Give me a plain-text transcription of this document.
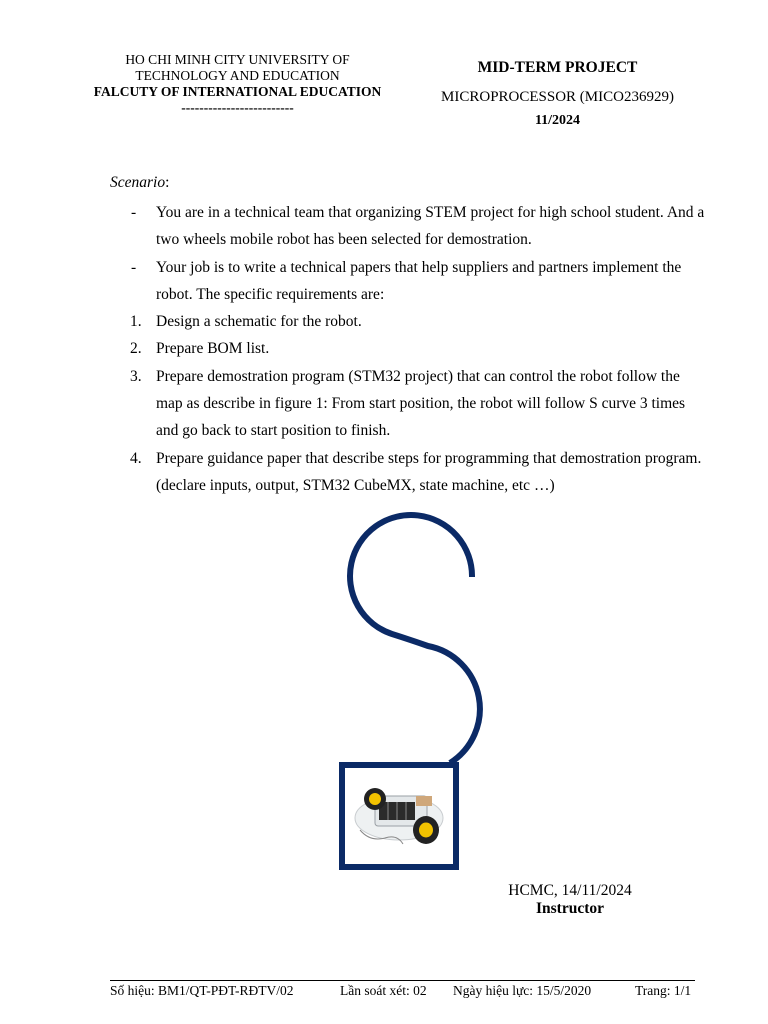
HO CHI MINH CITY UNIVERSITY OF
TECHNOLOGY AND EDUCATION
FALCUTY OF INTERNATIONAL EDUCATION
-------------------------
MID-TERM PROJECT
MICROPROCESSOR (MICO236929)
11/2024
Scenario:
-	You are in a technical team that organizing STEM project for high school student. And a two wheels mobile robot has been selected for demostration.
-	Your job is to write a technical papers that help suppliers and partners implement the robot. The specific requirements are:
1. Design a schematic for the robot.
2. Prepare BOM list.
3. Prepare demostration program (STM32 project) that can control the robot follow the map as describe in figure 1: From start position, the robot will follow S curve 3 times and go back to start position to finish.
4. Prepare guidance paper that describe steps for programming that demostration program. (declare inputs, output, STM32 CubeMX, state machine, etc …)
HCMC, 14/11/2024
Instructor
Số hiệu: BM1/QT-PĐT-RĐTV/02	Lần soát xét: 02 Ngày hiệu lực: 15/5/2020	Trang: 1/1
